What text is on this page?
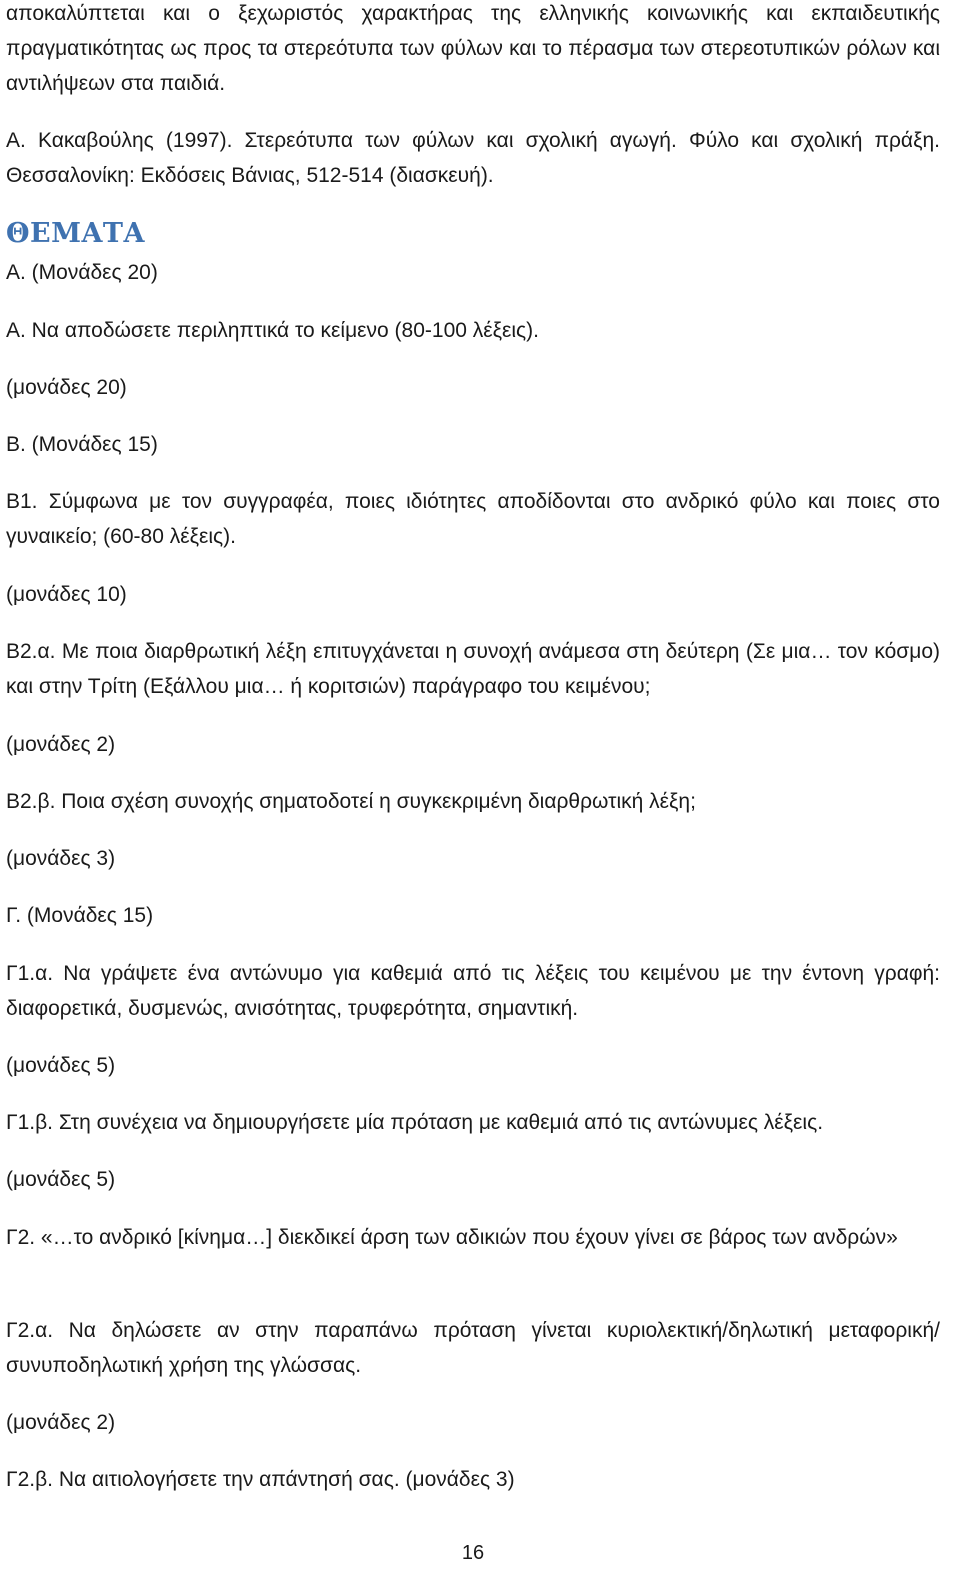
αποκαλύπτεται και ο ξεχωριστός χαρακτήρας της ελληνικής κοινωνικής και εκπαιδευτικής πραγματικότητας ως προς τα στερεότυπα των φύλων και το πέρασμα των στερεοτυπικών ρόλων και αντιλήψεων στα παιδιά.

Α. Κακαβούλης (1997). Στερεότυπα των φύλων και σχολική αγωγή. Φύλο και σχολική πράξη. Θεσσαλονίκη: Εκδόσεις Βάνιας, 512-514 (διασκευή).

ΘΕΜΑΤΑ

Α. (Μονάδες 20)

Α. Να αποδώσετε περιληπτικά το κείμενο (80-100 λέξεις).

(μονάδες 20)

Β. (Μονάδες 15)

Β1. Σύμφωνα με τον συγγραφέα, ποιες ιδιότητες αποδίδονται στο ανδρικό φύλο και ποιες στο γυναικείο; (60-80 λέξεις).

(μονάδες 10)

Β2.α. Με ποια διαρθρωτική λέξη επιτυγχάνεται η συνοχή ανάμεσα στη δεύτερη (Σε μια… τον κόσμο) και στην Τρίτη (Εξάλλου μια… ή κοριτσιών) παράγραφο του κειμένου;

(μονάδες 2)

Β2.β. Ποια σχέση συνοχής σηματοδοτεί η συγκεκριμένη διαρθρωτική λέξη;

(μονάδες 3)

Γ. (Μονάδες 15)

Γ1.α. Να γράψετε ένα αντώνυμο για καθεμιά από τις λέξεις του κειμένου με την έντονη γραφή: διαφορετικά, δυσμενώς, ανισότητας, τρυφερότητα, σημαντική.

(μονάδες 5)

Γ1.β. Στη συνέχεια να δημιουργήσετε μία πρόταση με καθεμιά από τις αντώνυμες λέξεις.

(μονάδες 5)

Γ2. «…το ανδρικό [κίνημα…] διεκδικεί άρση των αδικιών που έχουν γίνει σε βάρος των ανδρών»

Γ2.α. Να δηλώσετε αν στην παραπάνω πρόταση γίνεται κυριολεκτική/δηλωτική μεταφορική/συνυποδηλωτική χρήση της γλώσσας.

(μονάδες 2)

Γ2.β. Να αιτιολογήσετε την απάντησή σας. (μονάδες 3)

16
